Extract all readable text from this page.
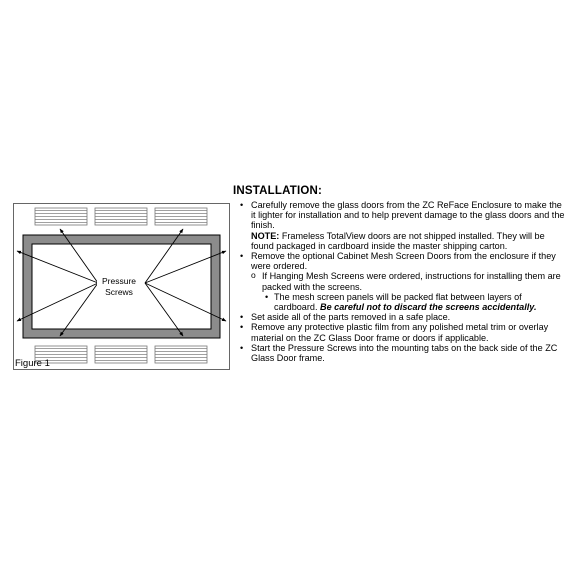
Pressure
Screws
Figure 1
INSTALLATION:
• Carefully remove the glass doors from the ZC ReFace Enclosure to make the it lighter for installation and to help prevent damage to the glass doors and the finish.
NOTE: Frameless TotalView doors are not shipped installed. They will be found packaged in cardboard inside the master shipping carton.
• Remove the optional Cabinet Mesh Screen Doors from the enclosure if they were ordered.
o If Hanging Mesh Screens were ordered, instructions for installing them are packed with the screens.
• The mesh screen panels will be packed flat between layers of cardboard. Be careful not to discard the screens accidentally.
• Set aside all of the parts removed in a safe place.
• Remove any protective plastic film from any polished metal trim or overlay material on the ZC Glass Door frame or doors if applicable.
• Start the Pressure Screws into the mounting tabs on the back side of the ZC Glass Door frame.
